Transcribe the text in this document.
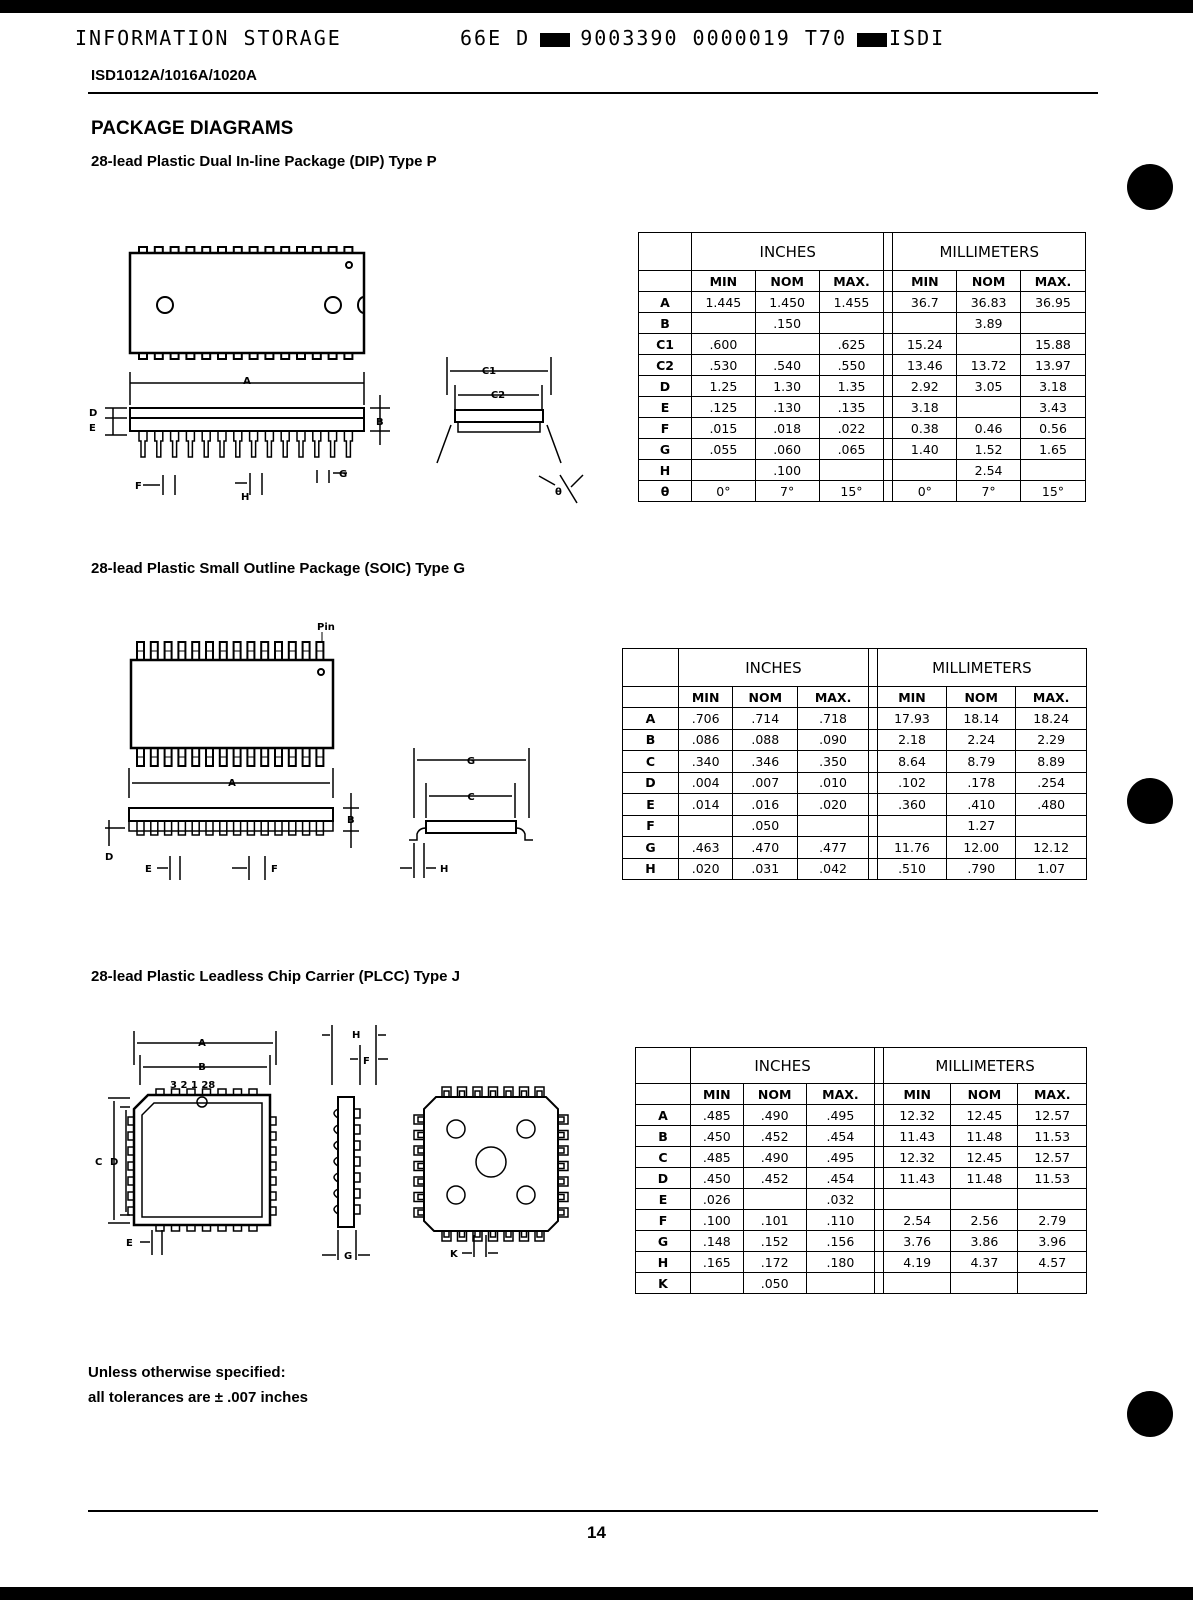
INFORMATION STORAGE	66E D	9003390 0000019 T70 ISDI
ISD1012A/1016A/1020A
PACKAGE DIAGRAMS
28-lead Plastic Dual In-line Package (DIP) Type P
A
D
E
B
F
H
G
C1
C2
θ
	INCHES				MILLIMETERS		
	MIN	NOM	MAX.		MIN	NOM	MAX.
A	1.445	1.450	1.455		36.7	36.83	36.95
B		.150				3.89	
C1	.600		.625		15.24		15.88
C2	.530	.540	.550		13.46	13.72	13.97
D	1.25	1.30	1.35		2.92	3.05	3.18
E	.125	.130	.135		3.18		3.43
F	.015	.018	.022		0.38	0.46	0.56
G	.055	.060	.065		1.40	1.52	1.65
H		.100				2.54	
θ	0°	7°	15°		0°	7°	15°
28-lead Plastic Small Outline Package (SOIC) Type G
Pin
A
B
D
E	F
G
C
H
	INCHES				MILLIMETERS		
	MIN	NOM	MAX.		MIN	NOM	MAX.
A	.706	.714	.718		17.93	18.14	18.24
B	.086	.088	.090		2.18	2.24	2.29
C	.340	.346	.350		8.64	8.79	8.89
D	.004	.007	.010		.102	.178	.254
E	.014	.016	.020		.360	.410	.480
F		.050				1.27	
G	.463	.470	.477		11.76	12.00	12.12
H	.020	.031	.042		.510	.790	1.07
28-lead Plastic Leadless Chip Carrier (PLCC) Type J
A
B
3 2 1 28
C D
E
H
F
G	K
	INCHES				MILLIMETERS		
	MIN	NOM	MAX.		MIN	NOM	MAX.
A	.485	.490	.495		12.32	12.45	12.57
B	.450	.452	.454		11.43	11.48	11.53
C	.485	.490	.495		12.32	12.45	12.57
D	.450	.452	.454		11.43	11.48	11.53
E	.026		.032				
F	.100	.101	.110		2.54	2.56	2.79
G	.148	.152	.156		3.76	3.86	3.96
H	.165	.172	.180		4.19	4.37	4.57
K		.050					
Unless otherwise specified:
all tolerances are ± .007 inches
14
